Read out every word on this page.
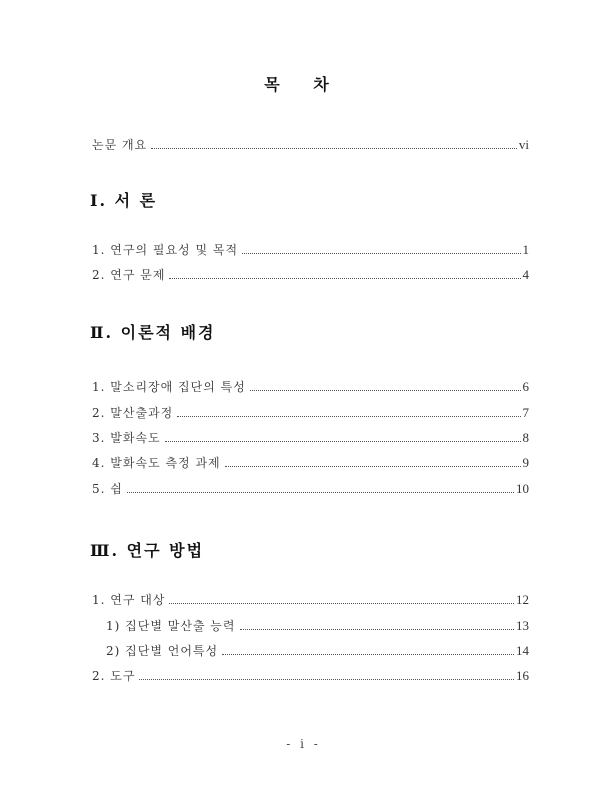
목 차
논문 개요	vi
Ⅰ. 서 론
1. 연구의 필요성 및 목적	1
2. 연구 문제	4
Ⅱ. 이론적 배경
1. 말소리장애 집단의 특성	6
2. 말산출과정	7
3. 발화속도	8
4. 발화속도 측정 과제	9
5. 쉼	10
Ⅲ. 연구 방법
1. 연구 대상	12
1) 집단별 말산출 능력	13
2) 집단별 언어특성	14
2. 도구	16
- i -
